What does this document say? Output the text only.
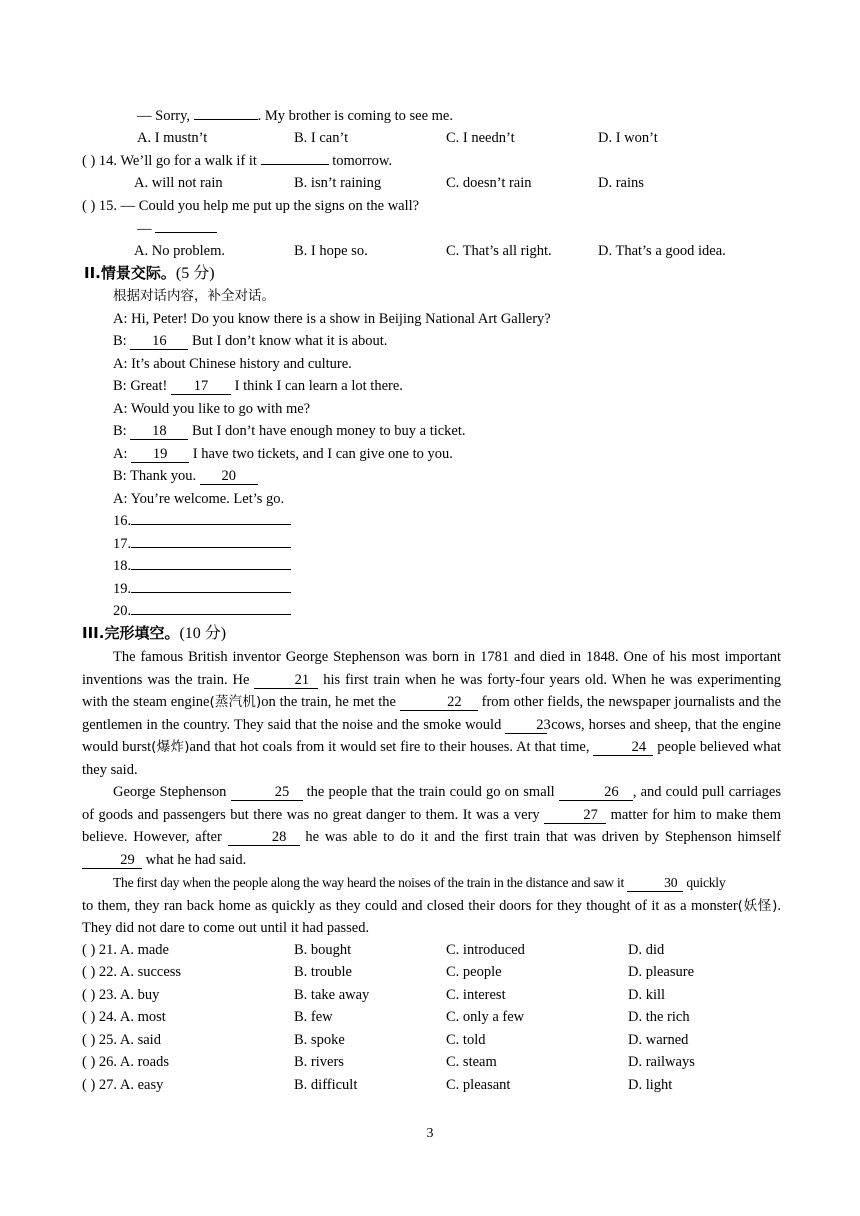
— Sorry,	. My brother is coming to see me.
A. I mustn’t	B. I can’t	C. I needn’t	D. I won’t
( ) 14. We’ll go for a walk if it	tomorrow.
A. will not rain	B. isn’t raining	C. doesn’t rain	D. rains
( ) 15. — Could you help me put up the signs on the wall?
—
A. No problem.	B. I hope so.	C. That’s all right.	D. That’s a good idea.
II.情景交际。(5 分)
根据对话内容，补全对话。
A: Hi, Peter! Do you know there is a show in Beijing National Art Gallery?
B: 16 But I don’t know what it is about.
A: It’s about Chinese history and culture.
B: Great! 17 I think I can learn a lot there.
A: Would you like to go with me?
B: 18 But I don’t have enough money to buy a ticket.
A: 19 I have two tickets, and I can give one to you.
B: Thank you. 20
A: You’re welcome. Let’s go.
16.
17.
18.
19.
20.
III.完形填空。(10 分)
The famous British inventor George Stephenson was born in 1781 and died in 1848. One of his most important inventions was the train. He	21 his first train when he was forty-four years old. When he was experimenting with the steam engine(蒸汽机)on the train, he met the	22 from other fields, the newspaper journalists and the gentlemen in the country. They said that the noise and the smoke would 23 cows, horses and sheep, that the engine would burst(爆炸)and that hot coals from it would set fire to their houses. At that time,	24 people believed what they said.
George Stephenson	25 the people that the train could go on small	26 , and could pull carriages of goods and passengers but there was no great danger to them. It was a very	27 matter for him to make them believe. However, after	28 he was able to do it and the first train that was driven by Stephenson himself 29 what he had said.
The first day when the people along the way heard the noises of the train in the distance and saw it	30 quickly
to them, they ran back home as quickly as they could and closed their doors for they thought of it as a monster(妖怪). They did not dare to come out until it had passed.
( ) 21. A. made	B. bought	C. introduced	D. did
( ) 22. A. success	B. trouble	C. people	D. pleasure
( ) 23. A. buy	B. take away	C. interest	D. kill
( ) 24. A. most	B. few	C. only a few	D. the rich
( ) 25. A. said	B. spoke	C. told	D. warned
( ) 26. A. roads	B. rivers	C. steam	D. railways
( ) 27. A. easy	B. difficult	C. pleasant	D. light
3
